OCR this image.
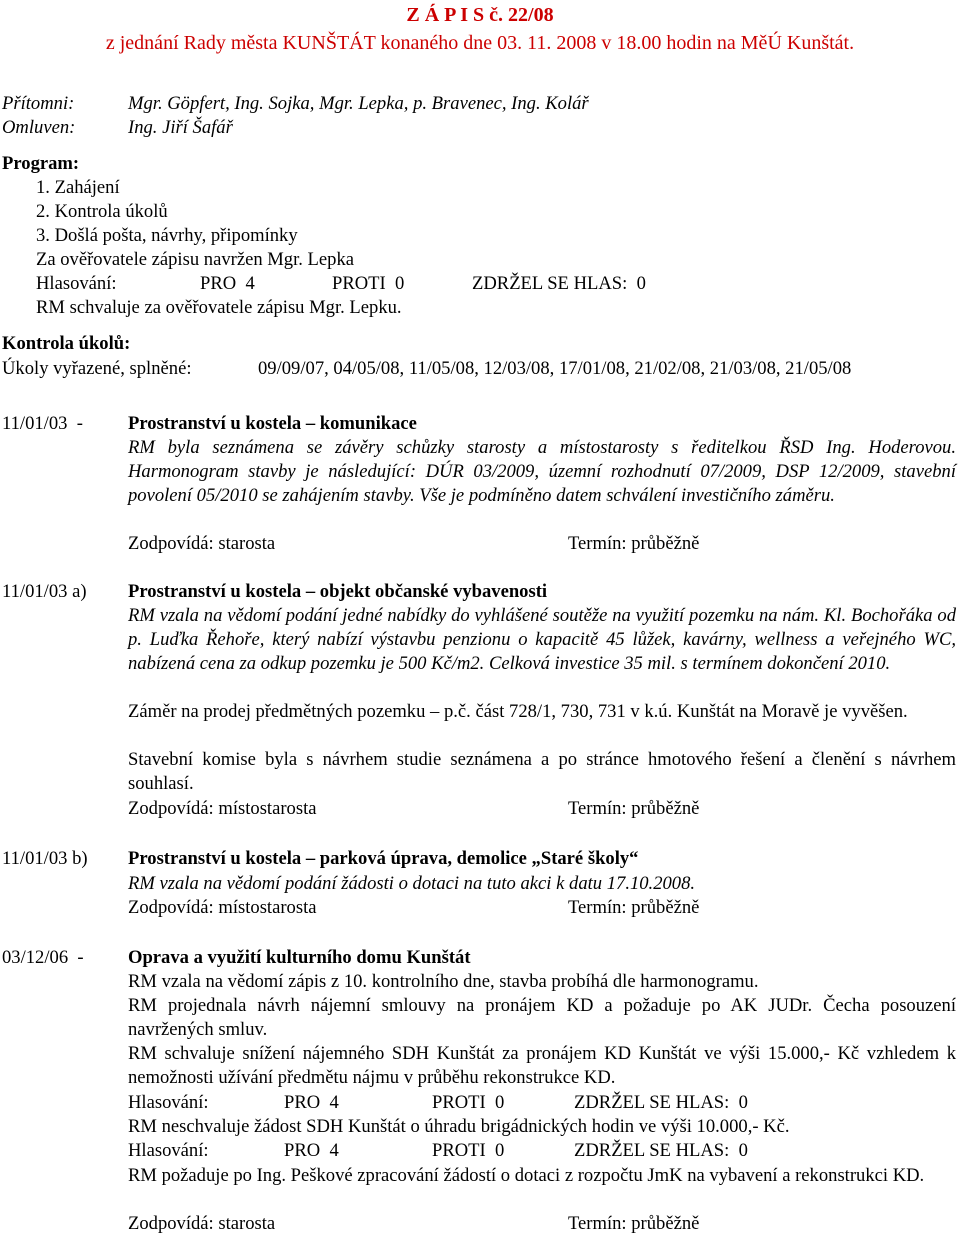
Z Á P I S č. 22/08
z jednání Rady města KUNŠTÁT konaného dne 03. 11. 2008 v 18.00 hodin na MěÚ Kunštát.
Přítomni:	Mgr. Göpfert, Ing. Sojka, Mgr. Lepka, p. Bravenec, Ing. Kolář
Omluven:	Ing. Jiří Šafář
Program:
1. Zahájení
2. Kontrola úkolů
3. Došlá pošta, návrhy, připomínky
Za ověřovatele zápisu navržen Mgr. Lepka
Hlasování:	PRO  4	PROTI  0	ZDRŽEL SE HLAS:  0
RM schvaluje za ověřovatele zápisu Mgr. Lepku.
Kontrola úkolů:
Úkoly vyřazené, splněné:	09/09/07, 04/05/08, 11/05/08, 12/03/08, 17/01/08, 21/02/08, 21/03/08, 21/05/08
11/01/03  - Prostranství u kostela – komunikace
RM byla seznámena se závěry schůzky starosty a místostarosty s ředitelkou ŘSD Ing. Hoderovou. Harmonogram stavby je následující: DÚR 03/2009, územní rozhodnutí 07/2009, DSP 12/2009, stavební povolení 05/2010 se zahájením stavby. Vše je podmíněno datem schválení investičního záměru.
Zodpovídá: starosta	Termín: průběžně
11/01/03 a) Prostranství u kostela – objekt občanské vybavenosti
RM vzala na vědomí podání jedné nabídky do vyhlášené soutěže na využití pozemku na nám. Kl. Bochořáka od p. Luďka Řehoře, který nabízí výstavbu penzionu o kapacitě 45 lůžek, kavárny, wellness a veřejného WC, nabízená cena za odkup pozemku je 500 Kč/m2. Celková investice 35 mil. s termínem dokončení 2010.
Záměr na prodej předmětných pozemku – p.č. část 728/1, 730, 731 v k.ú. Kunštát na Moravě je vyvěšen.
Stavební komise byla s návrhem studie seznámena a po stránce hmotového řešení a členění s návrhem souhlasí.
Zodpovídá: místostarosta	Termín: průběžně
11/01/03 b) Prostranství u kostela – parková úprava, demolice „Staré školy“
RM vzala na vědomí podání žádosti o dotaci na tuto akci k datu 17.10.2008.
Zodpovídá: místostarosta	Termín: průběžně
03/12/06  - Oprava a využití kulturního domu Kunštát
RM vzala na vědomí zápis z 10. kontrolního dne, stavba probíhá dle harmonogramu.
RM projednala návrh nájemní smlouvy na pronájem KD a požaduje po AK JUDr. Čecha posouzení navržených smluv.
RM schvaluje snížení nájemného SDH Kunštát za pronájem KD Kunštát ve výši 15.000,- Kč vzhledem k nemožnosti užívání předmětu nájmu v průběhu rekonstrukce KD.
Hlasování:	PRO  4	PROTI  0	ZDRŽEL SE HLAS:  0
RM neschvaluje žádost SDH Kunštát o úhradu brigádnických hodin ve výši 10.000,- Kč.
Hlasování:	PRO  4	PROTI  0	ZDRŽEL SE HLAS:  0
RM požaduje po Ing. Peškové zpracování žádostí o dotaci z rozpočtu JmK na vybavení a rekonstrukci KD.
Zodpovídá: starosta	Termín: průběžně
